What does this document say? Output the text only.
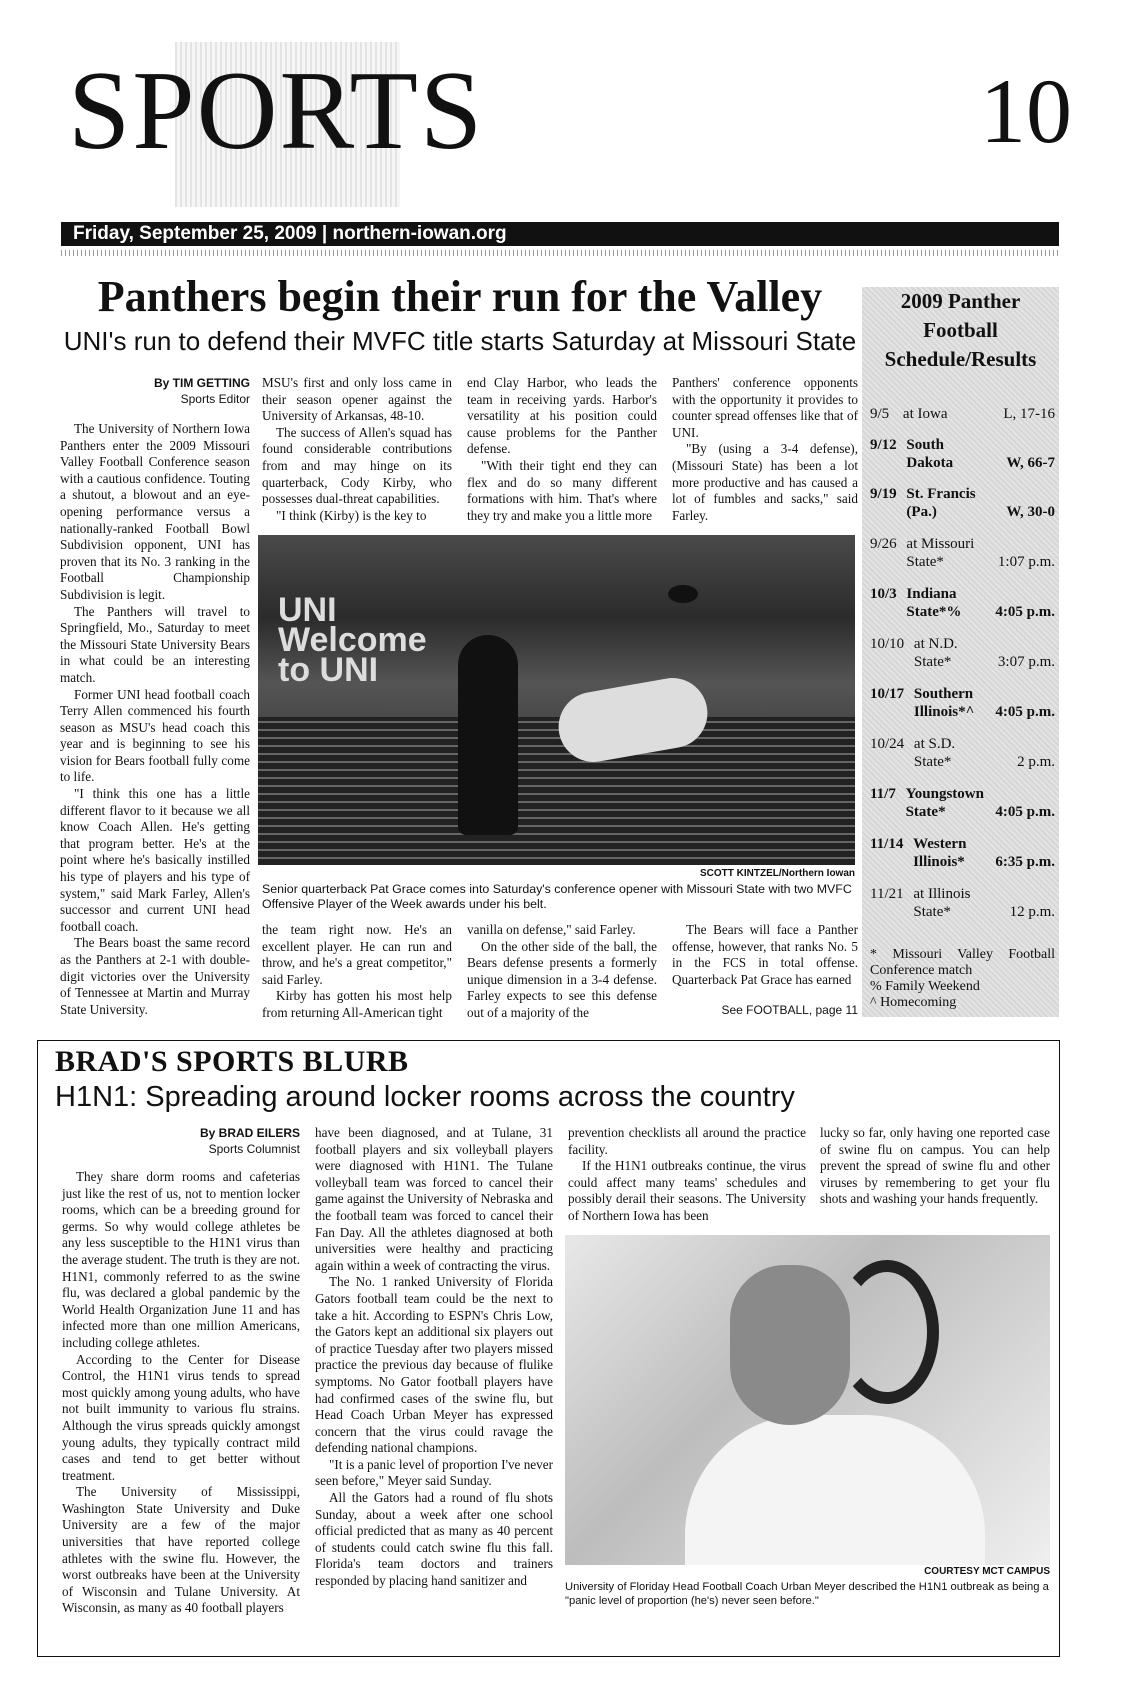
SPORTS	10
Friday, September 25, 2009 | northern-iowan.org
Panthers begin their run for the Valley
UNI's run to defend their MVFC title starts Saturday at Missouri State
By TIM GETTING
Sports Editor

The University of Northern Iowa Panthers enter the 2009 Missouri Valley Football Conference season with a cautious confidence. Touting a shutout, a blowout and an eye-opening performance versus a nationally-ranked Football Bowl Subdivision opponent, UNI has proven that its No. 3 ranking in the Football Championship Subdivision is legit.

The Panthers will travel to Springfield, Mo., Saturday to meet the Missouri State University Bears in what could be an interesting match.

Former UNI head football coach Terry Allen commenced his fourth season as MSU's head coach this year and is beginning to see his vision for Bears football fully come to life.

"I think this one has a little different flavor to it because we all know Coach Allen. He's getting that program better. He's at the point where he's basically instilled his type of players and his type of system," said Mark Farley, Allen's successor and current UNI head football coach.

The Bears boast the same record as the Panthers at 2-1 with double-digit victories over the University of Tennessee at Martin and Murray State University.

MSU's first and only loss came in their season opener against the University of Arkansas, 48-10.

The success of Allen's squad has found considerable contributions from and may hinge on its quarterback, Cody Kirby, who possesses dual-threat capabilities.

"I think (Kirby) is the key to

end Clay Harbor, who leads the team in receiving yards. Harbor's versatility at his position could cause problems for the Panther defense.

"With their tight end they can flex and do so many different formations with him. That's where they try and make you a little more

Panthers' conference opponents with the opportunity it provides to counter spread offenses like that of UNI.

"By (using a 3-4 defense), (Missouri State) has been a lot more productive and has caused a lot of fumbles and sacks," said Farley.

UNI Welcome to UNI
SCOTT KINTZEL/Northern Iowan
Senior quarterback Pat Grace comes into Saturday's conference opener with Missouri State with two MVFC Offensive Player of the Week awards under his belt.

the team right now. He's an excellent player. He can run and throw, and he's a great competitor," said Farley.

Kirby has gotten his most help from returning All-American tight

vanilla on defense," said Farley.

On the other side of the ball, the Bears defense presents a formerly unique dimension in a 3-4 defense. Farley expects to see this defense out of a majority of the

The Bears will face a Panther offense, however, that ranks No. 5 in the FCS in total offense. Quarterback Pat Grace has earned

See FOOTBALL, page 11
2009 Panther Football Schedule/Results
9/5 at Iowa	L, 17-16
9/12 South Dakota	W, 66-7
9/19 St. Francis (Pa.)	W, 30-0
9/26 at Missouri State*	1:07 p.m.
10/3 Indiana State*% 4:05 p.m.
10/10 at N.D. State*	3:07 p.m.
10/17 Southern Illinois*^ 4:05 p.m.
10/24 at S.D. State*	2 p.m.
11/7 Youngstown State*	4:05 p.m.
11/14 Western Illinois* 6:35 p.m.
11/21 at Illinois State*	12 p.m.
* Missouri Valley Football Conference match
% Family Weekend
^ Homecoming
BRAD'S SPORTS BLURB
H1N1: Spreading around locker rooms across the country
By BRAD EILERS
Sports Columnist

They share dorm rooms and cafeterias just like the rest of us, not to mention locker rooms, which can be a breeding ground for germs. So why would college athletes be any less susceptible to the H1N1 virus than the average student. The truth is they are not. H1N1, commonly referred to as the swine flu, was declared a global pandemic by the World Health Organization June 11 and has infected more than one million Americans, including college athletes.

According to the Center for Disease Control, the H1N1 virus tends to spread most quickly among young adults, who have not built immunity to various flu strains. Although the virus spreads quickly amongst young adults, they typically contract mild cases and tend to get better without treatment.

The University of Mississippi, Washington State University and Duke University are a few of the major universities that have reported college athletes with the swine flu. However, the worst outbreaks have been at the University of Wisconsin and Tulane University. At Wisconsin, as many as 40 football players

have been diagnosed, and at Tulane, 31 football players and six volleyball players were diagnosed with H1N1. The Tulane volleyball team was forced to cancel their game against the University of Nebraska and the football team was forced to cancel their Fan Day. All the athletes diagnosed at both universities were healthy and practicing again within a week of contracting the virus.

The No. 1 ranked University of Florida Gators football team could be the next to take a hit. According to ESPN's Chris Low, the Gators kept an additional six players out of practice Tuesday after two players missed practice the previous day because of flulike symptoms. No Gator football players have had confirmed cases of the swine flu, but Head Coach Urban Meyer has expressed concern that the virus could ravage the defending national champions.

"It is a panic level of proportion I've never seen before," Meyer said Sunday.

All the Gators had a round of flu shots Sunday, about a week after one school official predicted that as many as 40 percent of students could catch swine flu this fall. Florida's team doctors and trainers responded by placing hand sanitizer and

prevention checklists all around the practice facility.

If the H1N1 outbreaks continue, the virus could affect many teams' schedules and possibly derail their seasons. The University of Northern Iowa has been

lucky so far, only having one reported case of swine flu on campus. You can help prevent the spread of swine flu and other viruses by remembering to get your flu shots and washing your hands frequently.

COURTESY MCT CAMPUS
University of Floriday Head Football Coach Urban Meyer described the H1N1 outbreak as being a "panic level of proportion (he's) never seen before."
